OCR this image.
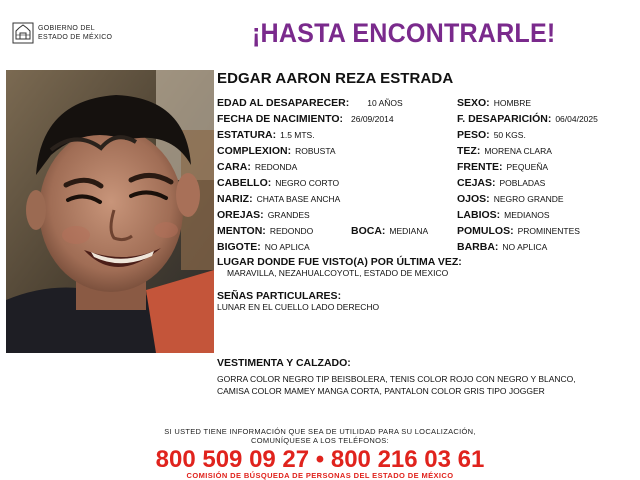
GOBIERNO DEL
ESTADO DE MÉXICO	¡HASTA ENCONTRARLE!
EDGAR AARON REZA ESTRADA
EDAD AL DESAPARECER: 10 AÑOS
FECHA DE NACIMIENTO: 26/09/2014
ESTATURA: 1.5 MTS.
COMPLEXION: ROBUSTA
CARA: REDONDA
CABELLO: NEGRO CORTO
NARIZ: CHATA BASE ANCHA
OREJAS: GRANDES
MENTON: REDONDO	BOCA: MEDIANA
BIGOTE: NO APLICA
SEXO: HOMBRE
F. DESAPARICIÓN: 06/04/2025
PESO: 50 KGS.
TEZ: MORENA CLARA
FRENTE: PEQUEÑA
CEJAS: POBLADAS
OJOS: NEGRO GRANDE
LABIOS: MEDIANOS
POMULOS: PROMINENTES
BARBA: NO APLICA
LUGAR DONDE FUE VISTO(A) POR ÚLTIMA VEZ:
MARAVILLA, NEZAHUALCOYOTL, ESTADO DE MEXICO
SEÑAS PARTICULARES:
LUNAR EN EL CUELLO LADO DERECHO
VESTIMENTA Y CALZADO:
GORRA COLOR NEGRO TIP BEISBOLERA, TENIS COLOR ROJO CON NEGRO Y BLANCO,
CAMISA COLOR MAMEY MANGA CORTA, PANTALON COLOR GRIS TIPO JOGGER
SI USTED TIENE INFORMACIÓN QUE SEA DE UTILIDAD PARA SU LOCALIZACIÓN,
COMUNÍQUESE A LOS TELÉFONOS:
800 509 09 27 • 800 216 03 61
COMISIÓN DE BÚSQUEDA DE PERSONAS DEL ESTADO DE MÉXICO
